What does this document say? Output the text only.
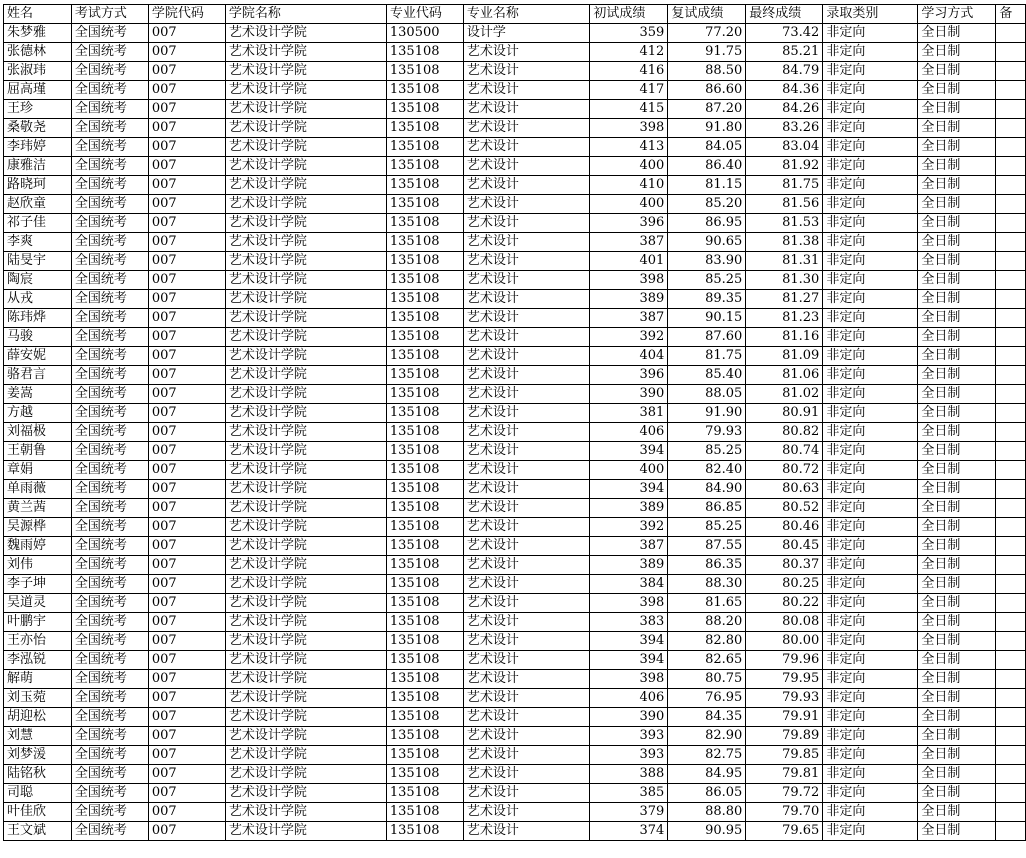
姓名	考试方式	学院代码	学院名称	专业代码	专业名称	初试成绩	复试成绩	最终成绩	录取类别	学习方式	备
朱梦雅	全国统考	007	艺术设计学院	130500	设计学	359	77.20	73.42	非定向	全日制	
张德林	全国统考	007	艺术设计学院	135108	艺术设计	412	91.75	85.21	非定向	全日制	
张淑玮	全国统考	007	艺术设计学院	135108	艺术设计	416	88.50	84.79	非定向	全日制	
屈高瑾	全国统考	007	艺术设计学院	135108	艺术设计	417	86.60	84.36	非定向	全日制	
王珍	全国统考	007	艺术设计学院	135108	艺术设计	415	87.20	84.26	非定向	全日制	
桑敬尧	全国统考	007	艺术设计学院	135108	艺术设计	398	91.80	83.26	非定向	全日制	
李玮婷	全国统考	007	艺术设计学院	135108	艺术设计	413	84.05	83.04	非定向	全日制	
康雅洁	全国统考	007	艺术设计学院	135108	艺术设计	400	86.40	81.92	非定向	全日制	
路晓珂	全国统考	007	艺术设计学院	135108	艺术设计	410	81.15	81.75	非定向	全日制	
赵欣童	全国统考	007	艺术设计学院	135108	艺术设计	400	85.20	81.56	非定向	全日制	
祁子佳	全国统考	007	艺术设计学院	135108	艺术设计	396	86.95	81.53	非定向	全日制	
李爽	全国统考	007	艺术设计学院	135108	艺术设计	387	90.65	81.38	非定向	全日制	
陆旻宇	全国统考	007	艺术设计学院	135108	艺术设计	401	83.90	81.31	非定向	全日制	
陶宸	全国统考	007	艺术设计学院	135108	艺术设计	398	85.25	81.30	非定向	全日制	
从戎	全国统考	007	艺术设计学院	135108	艺术设计	389	89.35	81.27	非定向	全日制	
陈玮烨	全国统考	007	艺术设计学院	135108	艺术设计	387	90.15	81.23	非定向	全日制	
马骏	全国统考	007	艺术设计学院	135108	艺术设计	392	87.60	81.16	非定向	全日制	
薛安妮	全国统考	007	艺术设计学院	135108	艺术设计	404	81.75	81.09	非定向	全日制	
骆君言	全国统考	007	艺术设计学院	135108	艺术设计	396	85.40	81.06	非定向	全日制	
姜嵩	全国统考	007	艺术设计学院	135108	艺术设计	390	88.05	81.02	非定向	全日制	
方越	全国统考	007	艺术设计学院	135108	艺术设计	381	91.90	80.91	非定向	全日制	
刘福极	全国统考	007	艺术设计学院	135108	艺术设计	406	79.93	80.82	非定向	全日制	
王朝鲁	全国统考	007	艺术设计学院	135108	艺术设计	394	85.25	80.74	非定向	全日制	
章娟	全国统考	007	艺术设计学院	135108	艺术设计	400	82.40	80.72	非定向	全日制	
单雨薇	全国统考	007	艺术设计学院	135108	艺术设计	394	84.90	80.63	非定向	全日制	
黄兰茜	全国统考	007	艺术设计学院	135108	艺术设计	389	86.85	80.52	非定向	全日制	
吴源桦	全国统考	007	艺术设计学院	135108	艺术设计	392	85.25	80.46	非定向	全日制	
魏雨婷	全国统考	007	艺术设计学院	135108	艺术设计	387	87.55	80.45	非定向	全日制	
刘伟	全国统考	007	艺术设计学院	135108	艺术设计	389	86.35	80.37	非定向	全日制	
李子坤	全国统考	007	艺术设计学院	135108	艺术设计	384	88.30	80.25	非定向	全日制	
吴道灵	全国统考	007	艺术设计学院	135108	艺术设计	398	81.65	80.22	非定向	全日制	
叶鹏宇	全国统考	007	艺术设计学院	135108	艺术设计	383	88.20	80.08	非定向	全日制	
王亦怡	全国统考	007	艺术设计学院	135108	艺术设计	394	82.80	80.00	非定向	全日制	
李泓锐	全国统考	007	艺术设计学院	135108	艺术设计	394	82.65	79.96	非定向	全日制	
解萌	全国统考	007	艺术设计学院	135108	艺术设计	398	80.75	79.95	非定向	全日制	
刘玉菀	全国统考	007	艺术设计学院	135108	艺术设计	406	76.95	79.93	非定向	全日制	
胡迎松	全国统考	007	艺术设计学院	135108	艺术设计	390	84.35	79.91	非定向	全日制	
刘慧	全国统考	007	艺术设计学院	135108	艺术设计	393	82.90	79.89	非定向	全日制	
刘梦湲	全国统考	007	艺术设计学院	135108	艺术设计	393	82.75	79.85	非定向	全日制	
陆铭秋	全国统考	007	艺术设计学院	135108	艺术设计	388	84.95	79.81	非定向	全日制	
司聪	全国统考	007	艺术设计学院	135108	艺术设计	385	86.05	79.72	非定向	全日制	
叶佳欣	全国统考	007	艺术设计学院	135108	艺术设计	379	88.80	79.70	非定向	全日制	
王文斌	全国统考	007	艺术设计学院	135108	艺术设计	374	90.95	79.65	非定向	全日制	
